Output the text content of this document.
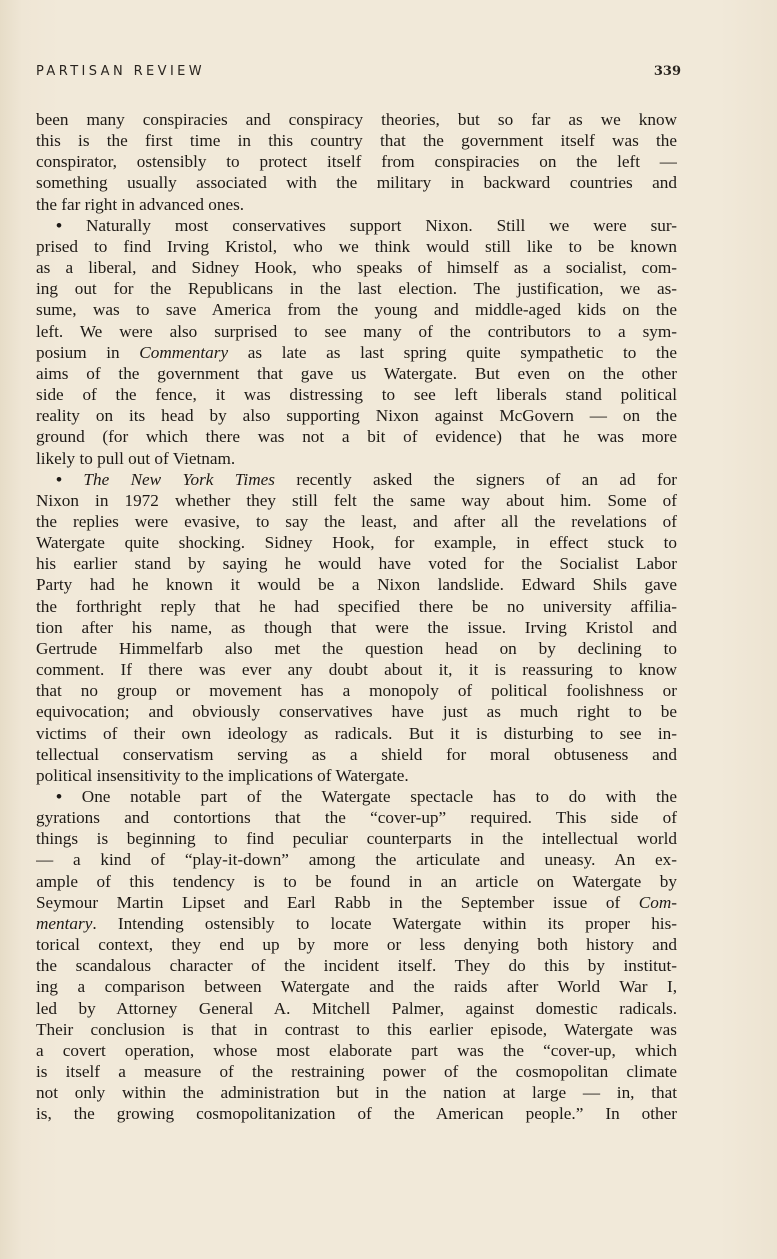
PARTISAN REVIEW	339
been many conspiracies and conspiracy theories, but so far as we know
this is the first time in this country that the government itself was the
conspirator, ostensibly to protect itself from conspiracies on the left —
something usually associated with the military in backward countries and
the far right in advanced ones.
• Naturally most conservatives support Nixon. Still we were sur-
prised to find Irving Kristol, who we think would still like to be known
as a liberal, and Sidney Hook, who speaks of himself as a socialist, com-
ing out for the Republicans in the last election. The justification, we as-
sume, was to save America from the young and middle-aged kids on the
left. We were also surprised to see many of the contributors to a sym-
posium in Commentary as late as last spring quite sympathetic to the
aims of the government that gave us Watergate. But even on the other
side of the fence, it was distressing to see left liberals stand political
reality on its head by also supporting Nixon against McGovern — on the
ground (for which there was not a bit of evidence) that he was more
likely to pull out of Vietnam.
• The New York Times recently asked the signers of an ad for
Nixon in 1972 whether they still felt the same way about him. Some of
the replies were evasive, to say the least, and after all the revelations of
Watergate quite shocking. Sidney Hook, for example, in effect stuck to
his earlier stand by saying he would have voted for the Socialist Labor
Party had he known it would be a Nixon landslide. Edward Shils gave
the forthright reply that he had specified there be no university affilia-
tion after his name, as though that were the issue. Irving Kristol and
Gertrude Himmelfarb also met the question head on by declining to
comment. If there was ever any doubt about it, it is reassuring to know
that no group or movement has a monopoly of political foolishness or
equivocation; and obviously conservatives have just as much right to be
victims of their own ideology as radicals. But it is disturbing to see in-
tellectual conservatism serving as a shield for moral obtuseness and
political insensitivity to the implications of Watergate.
• One notable part of the Watergate spectacle has to do with the
gyrations and contortions that the “cover-up” required. This side of
things is beginning to find peculiar counterparts in the intellectual world
— a kind of “play-it-down” among the articulate and uneasy. An ex-
ample of this tendency is to be found in an article on Watergate by
Seymour Martin Lipset and Earl Rabb in the September issue of Com-
mentary. Intending ostensibly to locate Watergate within its proper his-
torical context, they end up by more or less denying both history and
the scandalous character of the incident itself. They do this by institut-
ing a comparison between Watergate and the raids after World War I,
led by Attorney General A. Mitchell Palmer, against domestic radicals.
Their conclusion is that in contrast to this earlier episode, Watergate was
a covert operation, whose most elaborate part was the “cover-up, which
is itself a measure of the restraining power of the cosmopolitan climate
not only within the administration but in the nation at large — in, that
is, the growing cosmopolitanization of the American people.” In other
